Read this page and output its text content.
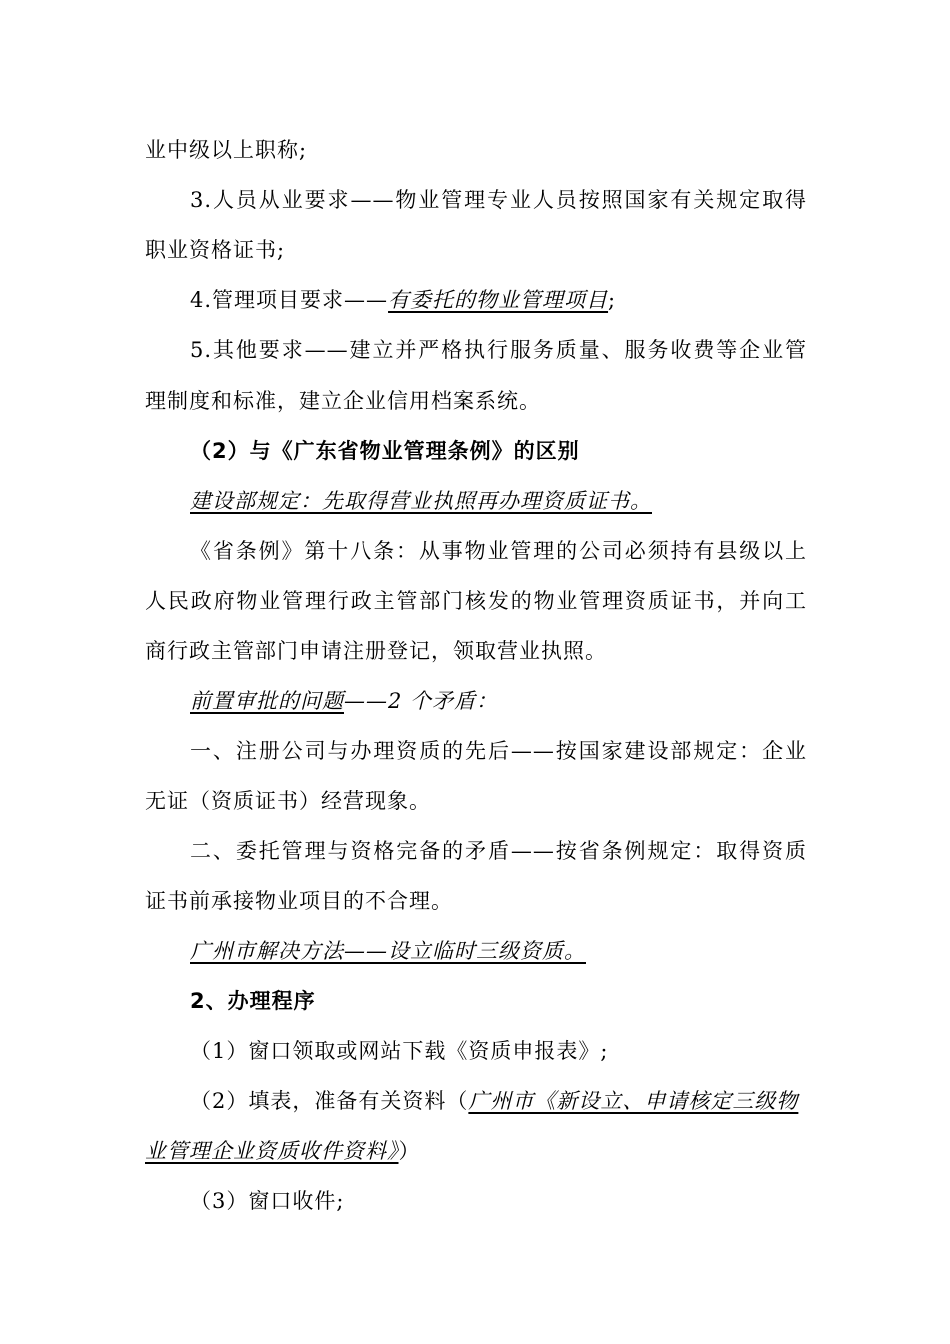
业中级以上职称;
3.人员从业要求——物业管理专业人员按照国家有关规定取得
职业资格证书;
4.管理项目要求——有委托的物业管理项目;
5.其他要求——建立并严格执行服务质量、服务收费等企业管
理制度和标准，建立企业信用档案系统。
（2）与《广东省物业管理条例》的区别
建设部规定：先取得营业执照再办理资质证书。
《省条例》第十八条：从事物业管理的公司必须持有县级以上
人民政府物业管理行政主管部门核发的物业管理资质证书，并向工
商行政主管部门申请注册登记，领取营业执照。
前置审批的问题——2 个矛盾：
一、注册公司与办理资质的先后——按国家建设部规定：企业
无证（资质证书）经营现象。
二、委托管理与资格完备的矛盾——按省条例规定：取得资质
证书前承接物业项目的不合理。
广州市解决方法——设立临时三级资质。
2、办理程序
（1）窗口领取或网站下载《资质申报表》;
（2）填表，准备有关资料（广州市《新设立、申请核定三级物
业管理企业资质收件资料》）
（3）窗口收件;
